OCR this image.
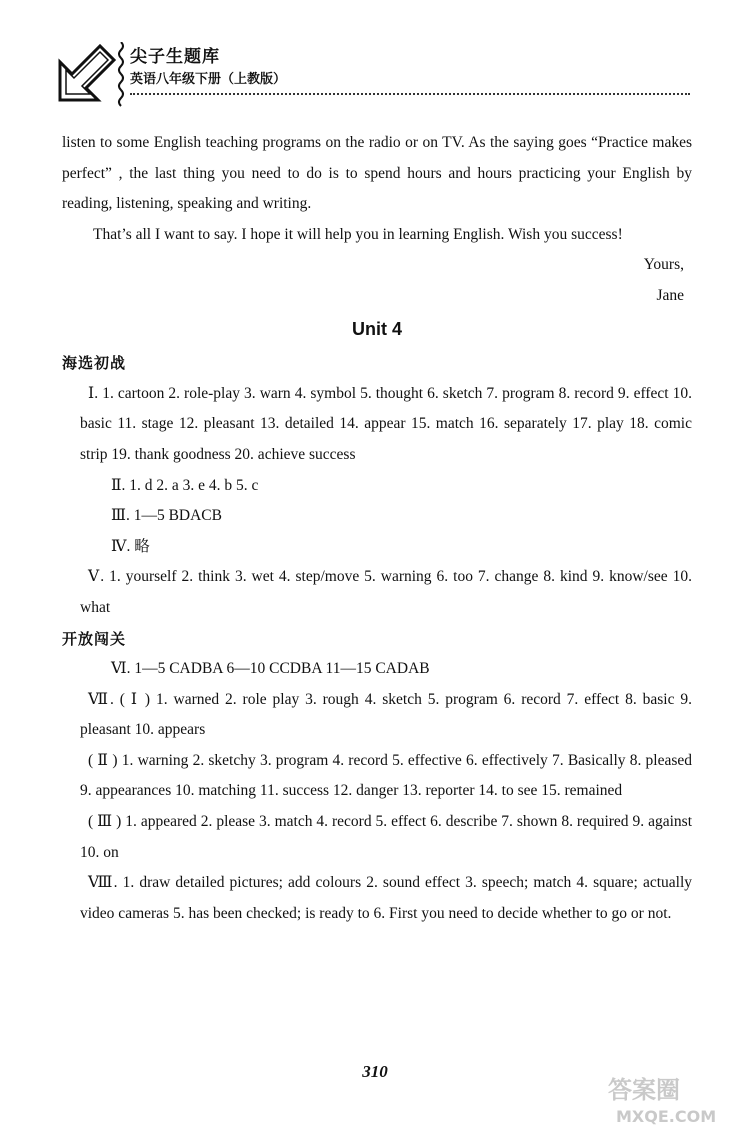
尖子生题库
英语八年级下册（上教版）

listen to some English teaching programs on the radio or on TV. As the saying goes “Practice makes perfect” , the last thing you need to do is to spend hours and hours practicing your English by reading, listening, speaking and writing.

That’s all I want to say. I hope it will help you in learning English. Wish you success!

Yours,

Jane

Unit 4

海选初战

Ⅰ. 1. cartoon 2. role-play 3. warn 4. symbol 5. thought 6. sketch 7. program 8. record 9. effect 10. basic 11. stage 12. pleasant 13. detailed 14. appear 15. match 16. separately 17. play 18. comic strip 19. thank goodness 20. achieve success

Ⅱ. 1. d 2. a 3. e 4. b 5. c

Ⅲ. 1—5 BDACB

Ⅳ. 略

Ⅴ. 1. yourself 2. think 3. wet 4. step/move 5. warning 6. too 7. change 8. kind 9. know/see 10. what

开放闯关

Ⅵ. 1—5 CADBA 6—10 CCDBA 11—15 CADAB

Ⅶ. ( Ⅰ ) 1. warned 2. role play 3. rough 4. sketch 5. program 6. record 7. effect 8. basic 9. pleasant 10. appears

( Ⅱ ) 1. warning 2. sketchy 3. program 4. record 5. effective 6. effectively 7. Basically 8. pleased 9. appearances 10. matching 11. success 12. danger 13. reporter 14. to see 15. remained

( Ⅲ ) 1. appeared 2. please 3. match 4. record 5. effect 6. describe 7. shown 8. required 9. against 10. on

Ⅷ. 1. draw detailed pictures; add colours 2. sound effect 3. speech; match 4. square; actually video cameras 5. has been checked; is ready to 6. First you need to decide whether to go or not.

310
答案圈
MXQE.COM
